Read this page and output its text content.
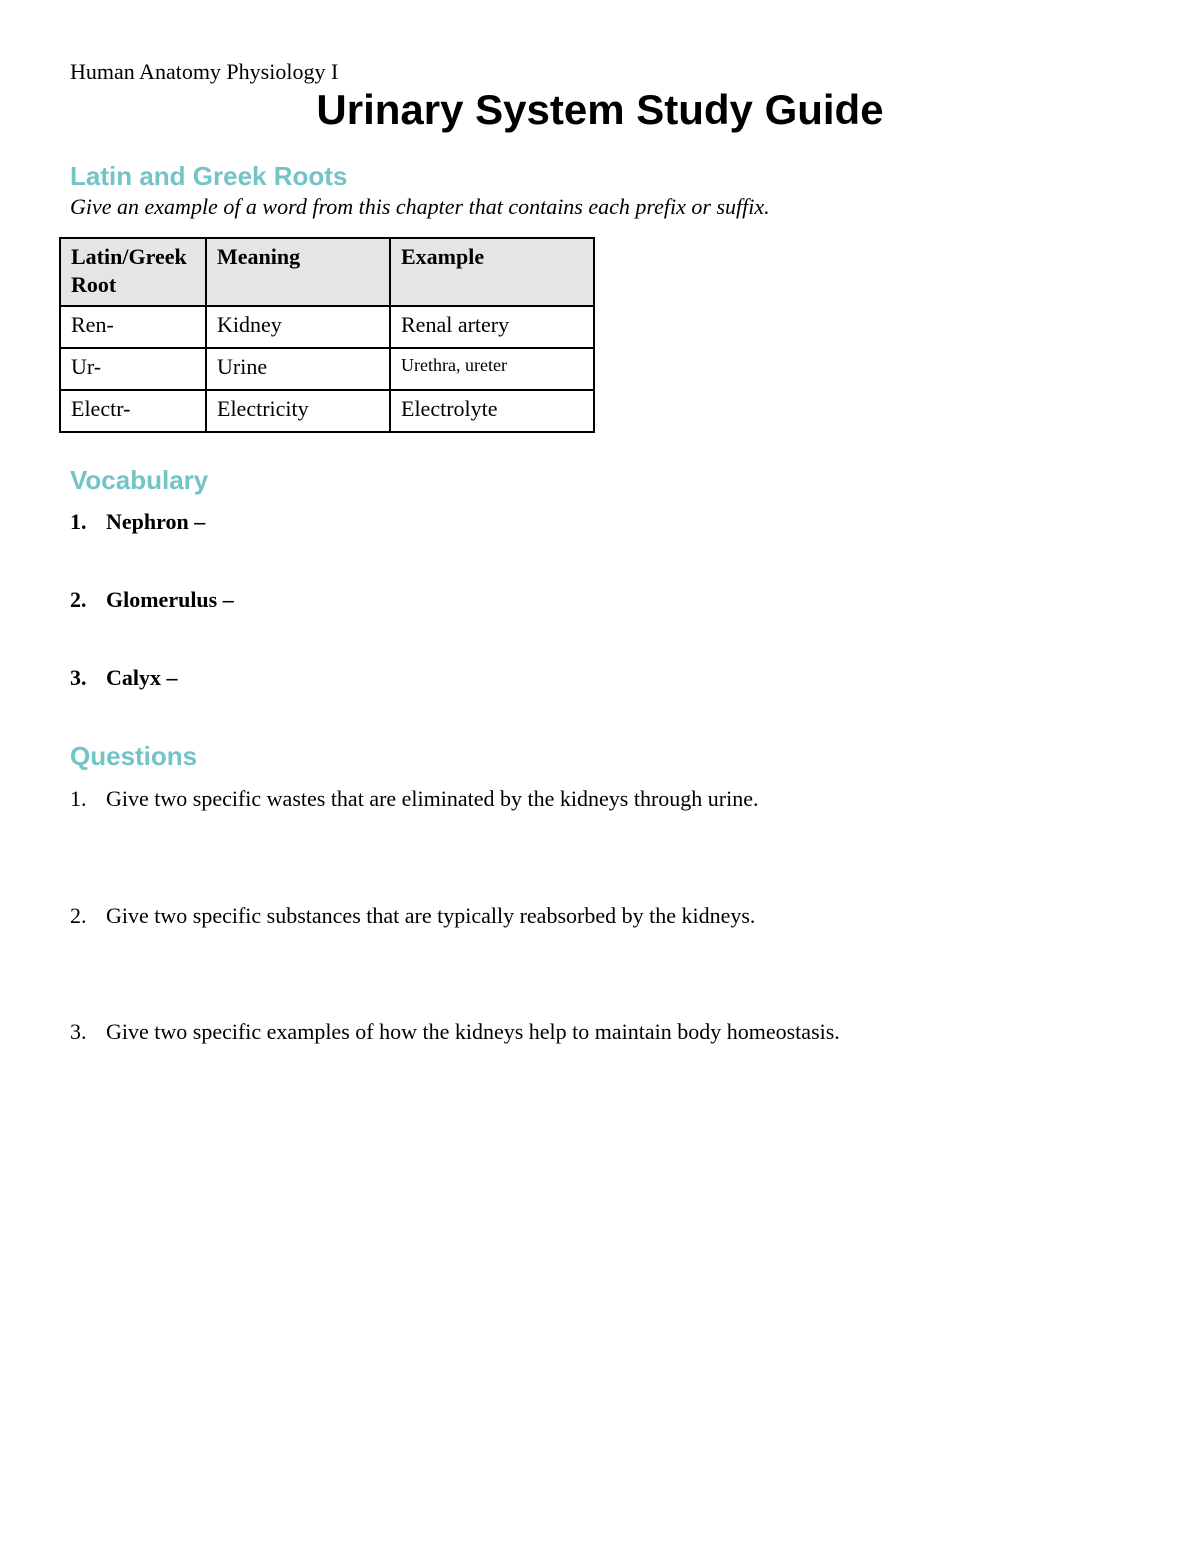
Human Anatomy Physiology I
Urinary System Study Guide
Latin and Greek Roots
Give an example of a word from this chapter that contains each prefix or suffix.
Latin/Greek Root	Meaning	Example
Ren-	Kidney	Renal artery
Ur-	Urine	Urethra, ureter
Electr-	Electricity	Electrolyte
Vocabulary
1. Nephron –
2. Glomerulus –
3. Calyx –
Questions
1. Give two specific wastes that are eliminated by the kidneys through urine.
2. Give two specific substances that are typically reabsorbed by the kidneys.
3. Give two specific examples of how the kidneys help to maintain body homeostasis.
